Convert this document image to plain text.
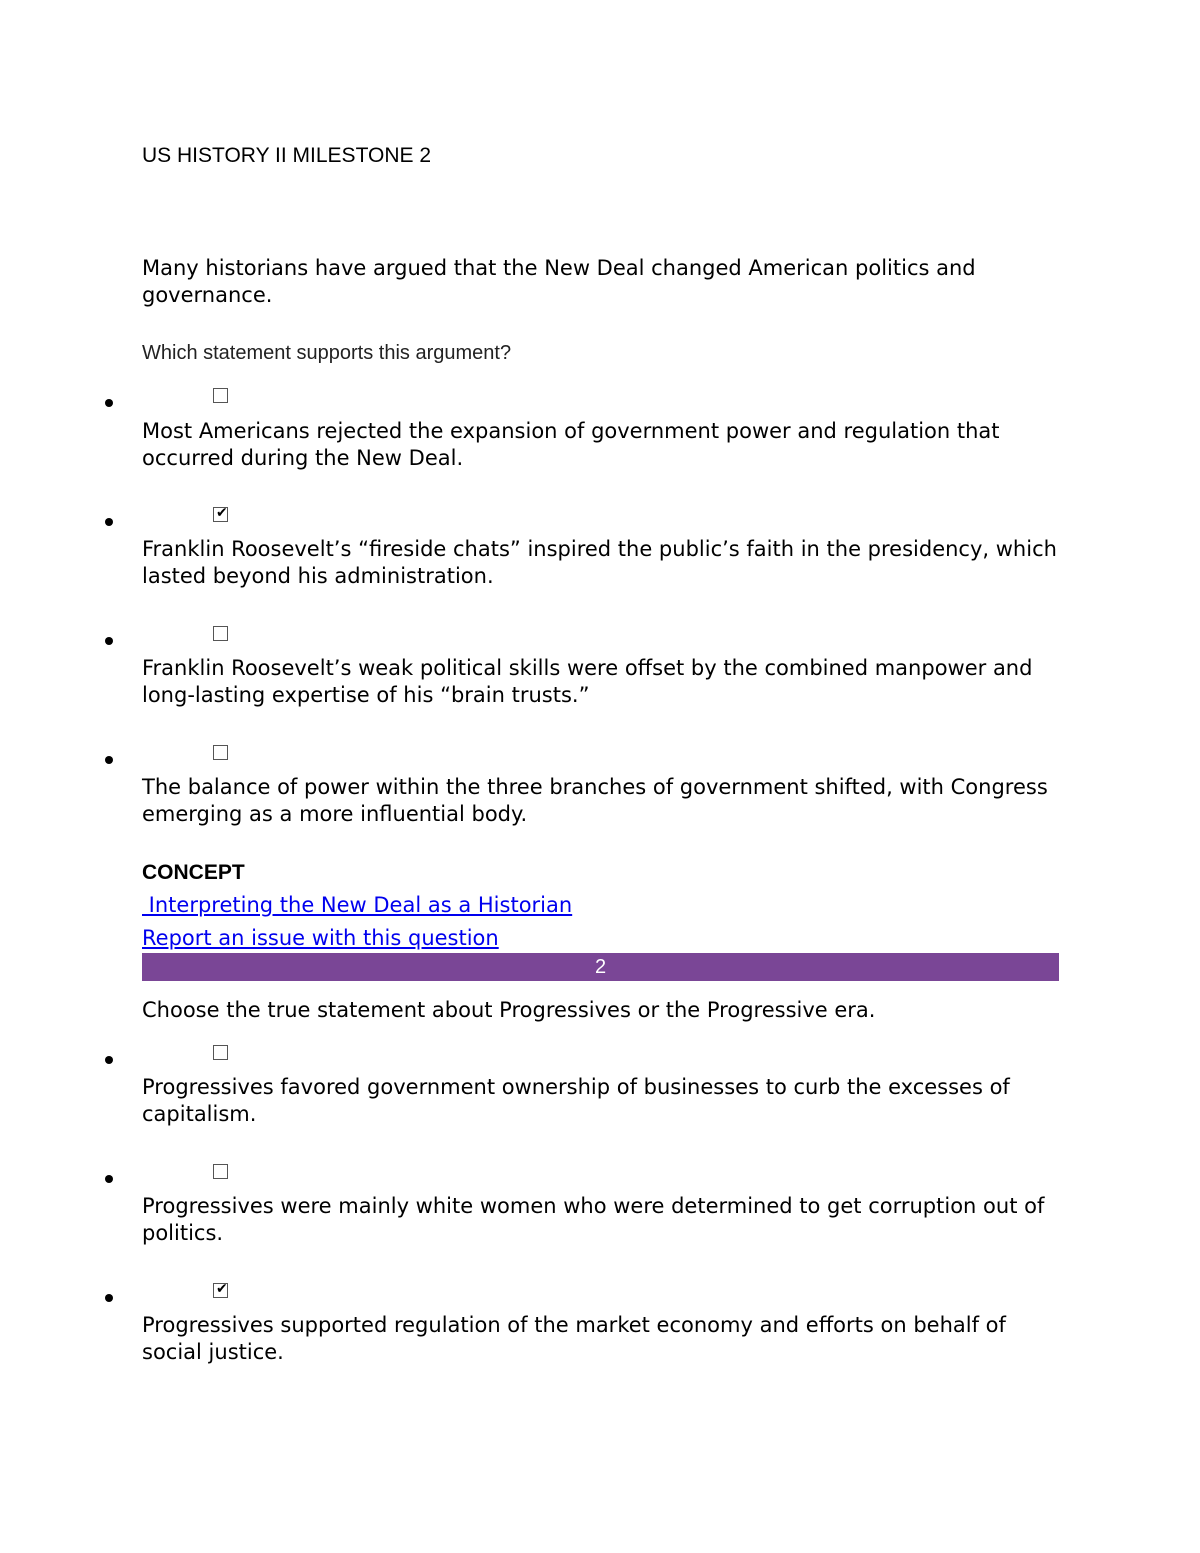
US HISTORY II MILESTONE 2
Many historians have argued that the New Deal changed American politics and governance.
Which statement supports this argument?
Most Americans rejected the expansion of government power and regulation that occurred during the New Deal.
✔
Franklin Roosevelt’s “fireside chats” inspired the public’s faith in the presidency, which lasted beyond his administration.
Franklin Roosevelt’s weak political skills were offset by the combined manpower and long-lasting expertise of his “brain trusts.”
The balance of power within the three branches of government shifted, with Congress emerging as a more influential body.
CONCEPT
Interpreting the New Deal as a Historian
Report an issue with this question
2
Choose the true statement about Progressives or the Progressive era.
Progressives favored government ownership of businesses to curb the excesses of capitalism.
Progressives were mainly white women who were determined to get corruption out of politics.
✔
Progressives supported regulation of the market economy and efforts on behalf of social justice.
